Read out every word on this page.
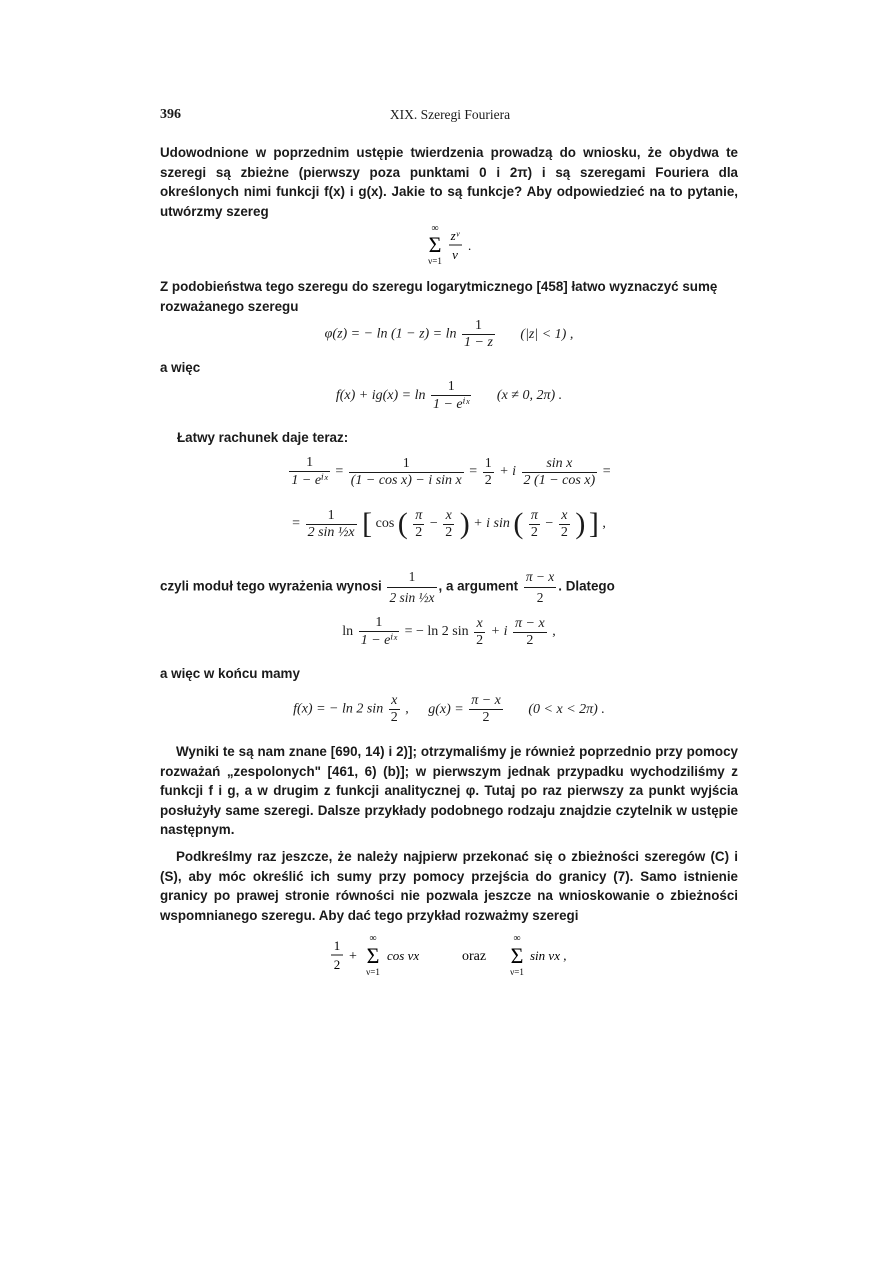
396	XIX. Szeregi Fouriera
Udowodnione w poprzednim ustępie twierdzenia prowadzą do wniosku, że obydwa te szeregi są zbieżne (pierwszy poza punktami 0 i 2π) i są szeregami Fouriera dla określonych nimi funkcji f(x) i g(x). Jakie to są funkcje? Aby odpowiedzieć na to pytanie, utwórzmy szereg
∞
Σ
ν=1
zᵛ
ν
.
Z podobieństwa tego szeregu do szeregu logarytmicznego [458] łatwo wyznaczyć sumę rozważanego szeregu
φ(z) = − $\ln (1 - z) = \ln \frac{1}{1 - z} (|z| < 1)$ ,
a więc
f(x) + ig(x) = ln
1
1 − eⁱˣ
(x ≠ 0, 2π) .
Łatwy rachunek daje teraz:
1
1 − eⁱˣ
= $\frac{1}{\text{(1 − cos x) − i sin x}} = \frac{1}{2} + i \frac{\text{sin x}}{\text{2 (1 − cos x)}}$ =
= $\frac{1}{\text{2 sin ½x}}$ [ cos ( $\frac{\pi}{2} - \frac{x}{2}$ ) + i sin ( $\frac{\pi}{2} - \frac{x}{2}$ ) ] ,
czyli moduł tego wyrażenia wynosi $\frac{1}{\text{2 sin ½x}}$ , a argument $\frac{\pi - x}{2}$ . Dlatego
ln
1
1 − eⁱˣ
= − ln 2 $\sin \frac{x}{2} + i \frac{\pi - x}{2}$ ,
a więc w końcu mamy
f(x) = − ln 2 $\sin \frac{x}{2}$ , $g(x) = \frac{\pi - x}{2} (0 < x < 2\pi)$ .
Wyniki te są nam znane [690, 14) i 2)]; otrzymaliśmy je również poprzednio przy pomocy rozważań „zespolonych" [461, 6) (b)]; w pierwszym jednak przypadku wychodziliśmy z funkcji f i g, a w drugim z funkcji analitycznej φ. Tutaj po raz pierwszy za punkt wyjścia posłużyły same szeregi. Dalsze przykłady podobnego rodzaju znajdzie czytelnik w ustępie następnym.
Podkreślmy raz jeszcze, że należy najpierw przekonać się o zbieżności szeregów (C) i (S), aby móc określić ich sumy przy pomocy przejścia do granicy (7). Samo istnienie granicy po prawej stronie równości nie pozwala jeszcze na wnioskowanie o zbieżności wspomnianego szeregu. Aby dać tego przykład rozważmy szeregi
1
2
+
∞
Σ
ν=1
cos νx	oraz
∞
Σ
ν=1
sin νx ,
